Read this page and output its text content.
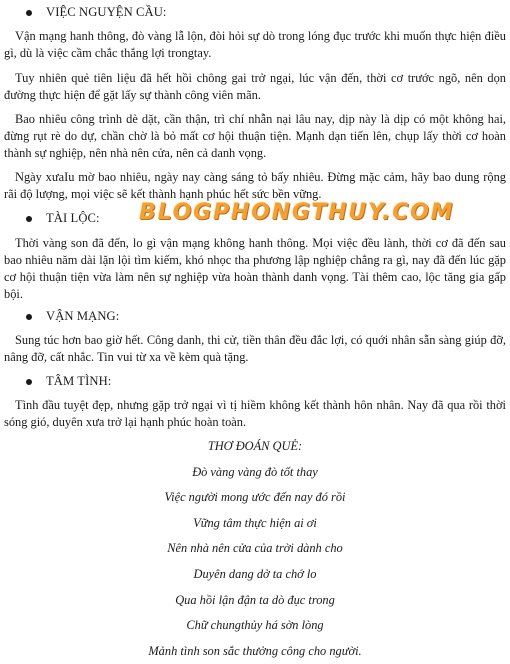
VIỆC NGUYỆN CẦU:

Vận mạng hanh thông, đò vàng lẫ lộn, đòi hỏi sự dò trong lóng đục trước khi muốn thực hiện điều gì, dù là việc cầm chắc thắng lợi trongtay.

Tuy nhiên quẻ tiên liệu đã hết hồi chông gai trở ngại, lúc vận đến, thời cơ trước ngõ, nên dọn đường thực hiện để gặt lấy sự thành công viên mãn.

Bao nhiêu công trình dè dặt, cần thận, trì chí nhẫn nại lâu nay, dịp này là dịp có một không hai, đừng rụt rè do dự, chần chờ là bỏ mất cơ hội thuận tiện. Mạnh dạn tiến lên, chụp lấy thời cơ hoàn thành sự nghiệp, nên nhà nên cửa, nên cả danh vọng.

Ngày xưaIu mờ bao nhiêu, ngày nay càng sáng tỏ bấy nhiêu. Đừng mặc cảm, hãy bao dung rộng rãi độ lượng, mọi việc sẽ kết thành hạnh phúc hết sức bền vững.

TÀI LỘC:

Thời vàng son đã đến, lo gì vận mạng không hanh thông. Mọi việc đều lành, thời cơ đã đến sau bao nhiêu năm dài lặn lội tìm kiếm, khó nhọc tha phương lập nghiệp chẳng ra gì, nay đã đến lúc gặp cơ hội thuận tiện vừa làm nên sự nghiệp vừa hoàn thành danh vọng. Tài thêm cao, lộc tăng gia gấp bội.

VẬN MẠNG:

Sung túc hơn bao giờ hết. Công danh, thi cử, tiền thân đều đắc lợi, có quới nhân sẵn sàng giúp đỡ, nâng đỡ, cất nhắc. Tin vui từ xa về kèm quà tặng.

TÂM TÌNH:

Tình đầu tuyệt đẹp, nhưng gặp trở ngại vì tị hiềm không kết thành hôn nhân. Nay đã qua rồi thời sóng gió, duyên xưa trở lại hạnh phúc hoàn toàn.

THƠ ĐOÁN QUẺ:
Đò vàng vàng đò tốt thay
Việc người mong ước đến nay đó rồi
Vững tâm thực hiện ai ơi
Nên nhà nên cửa của trời dành cho
Duyên dang dở ta chớ lo
Qua hồi lận đận ta dò đục trong
Chữ chungthủy há sờn lòng
Mảnh tình son sắc thưởng công cho người.
BLOGPHONGTHUY.COM
